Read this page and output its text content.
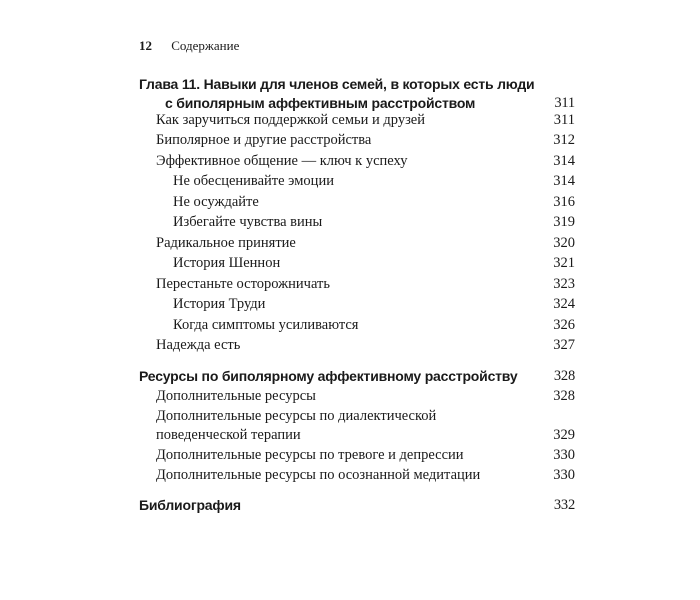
12 Содержание
Глава 11. Навыки для членов семей, в которых есть люди
с биполярным аффективным расстройством	311
Как заручиться поддержкой семьи и друзей	311
Биполярное и другие расстройства	312
Эффективное общение — ключ к успеху	314
Не обесценивайте эмоции	314
Не осуждайте	316
Избегайте чувства вины	319
Радикальное принятие	320
История Шеннон	321
Перестаньте осторожничать	323
История Труди	324
Когда симптомы усиливаются	326
Надежда есть	327
Ресурсы по биполярному аффективному расстройству	328
Дополнительные ресурсы	328
Дополнительные ресурсы по диалектической
поведенческой терапии	329
Дополнительные ресурсы по тревоге и депрессии	330
Дополнительные ресурсы по осознанной медитации	330
Библиография	332
